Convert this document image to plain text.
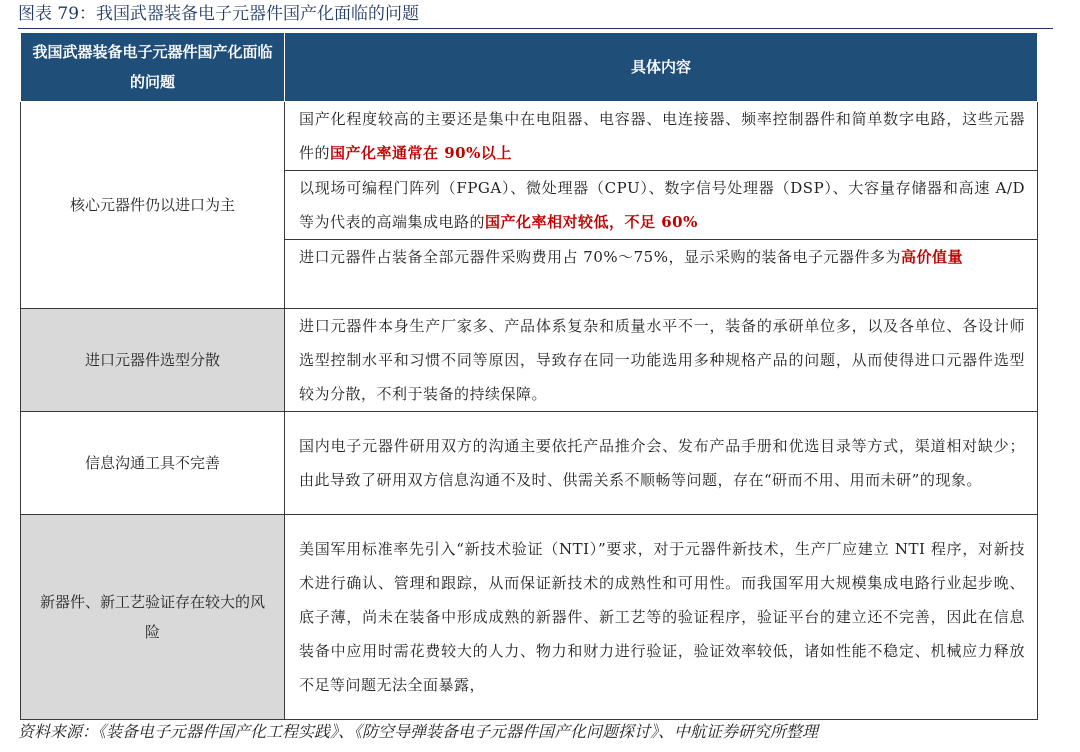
图表 79：我国武器装备电子元器件国产化面临的问题
我国武器装备电子元器件国产化面临的问题	具体内容
核心元器件仍以进口为主	国产化程度较高的主要还是集中在电阻器、电容器、电连接器、频率控制器件和简单数字电路，这些元器件的国产化率通常在 90%以上
以现场可编程门阵列（FPGA）、微处理器（CPU）、数字信号处理器（DSP）、大容量存储器和高速 A/D 等为代表的高端集成电路的国产化率相对较低，不足 60%
进口元器件占装备全部元器件采购费用占 70%～75%，显示采购的装备电子元器件多为高价值量

进口元器件选型分散	进口元器件本身生产厂家多、产品体系复杂和质量水平不一，装备的承研单位多，以及各单位、各设计师选型控制水平和习惯不同等原因，导致存在同一功能选用多种规格产品的问题，从而使得进口元器件选型较为分散，不利于装备的持续保障。
信息沟通工具不完善	国内电子元器件研用双方的沟通主要依托产品推介会、发布产品手册和优选目录等方式，渠道相对缺少；由此导致了研用双方信息沟通不及时、供需关系不顺畅等问题，存在“研而不用、用而未研”的现象。
新器件、新工艺验证存在较大的风险	美国军用标准率先引入“新技术验证（NTI）”要求，对于元器件新技术，生产厂应建立 NTI 程序，对新技术进行确认、管理和跟踪，从而保证新技术的成熟性和可用性。而我国军用大规模集成电路行业起步晚、底子薄，尚未在装备中形成成熟的新器件、新工艺等的验证程序，验证平台的建立还不完善，因此在信息装备中应用时需花费较大的人力、物力和财力进行验证，验证效率较低，诸如性能不稳定、机械应力释放不足等问题无法全面暴露，
资料来源：《装备电子元器件国产化工程实践》、《防空导弹装备电子元器件国产化问题探讨》、中航证券研究所整理
